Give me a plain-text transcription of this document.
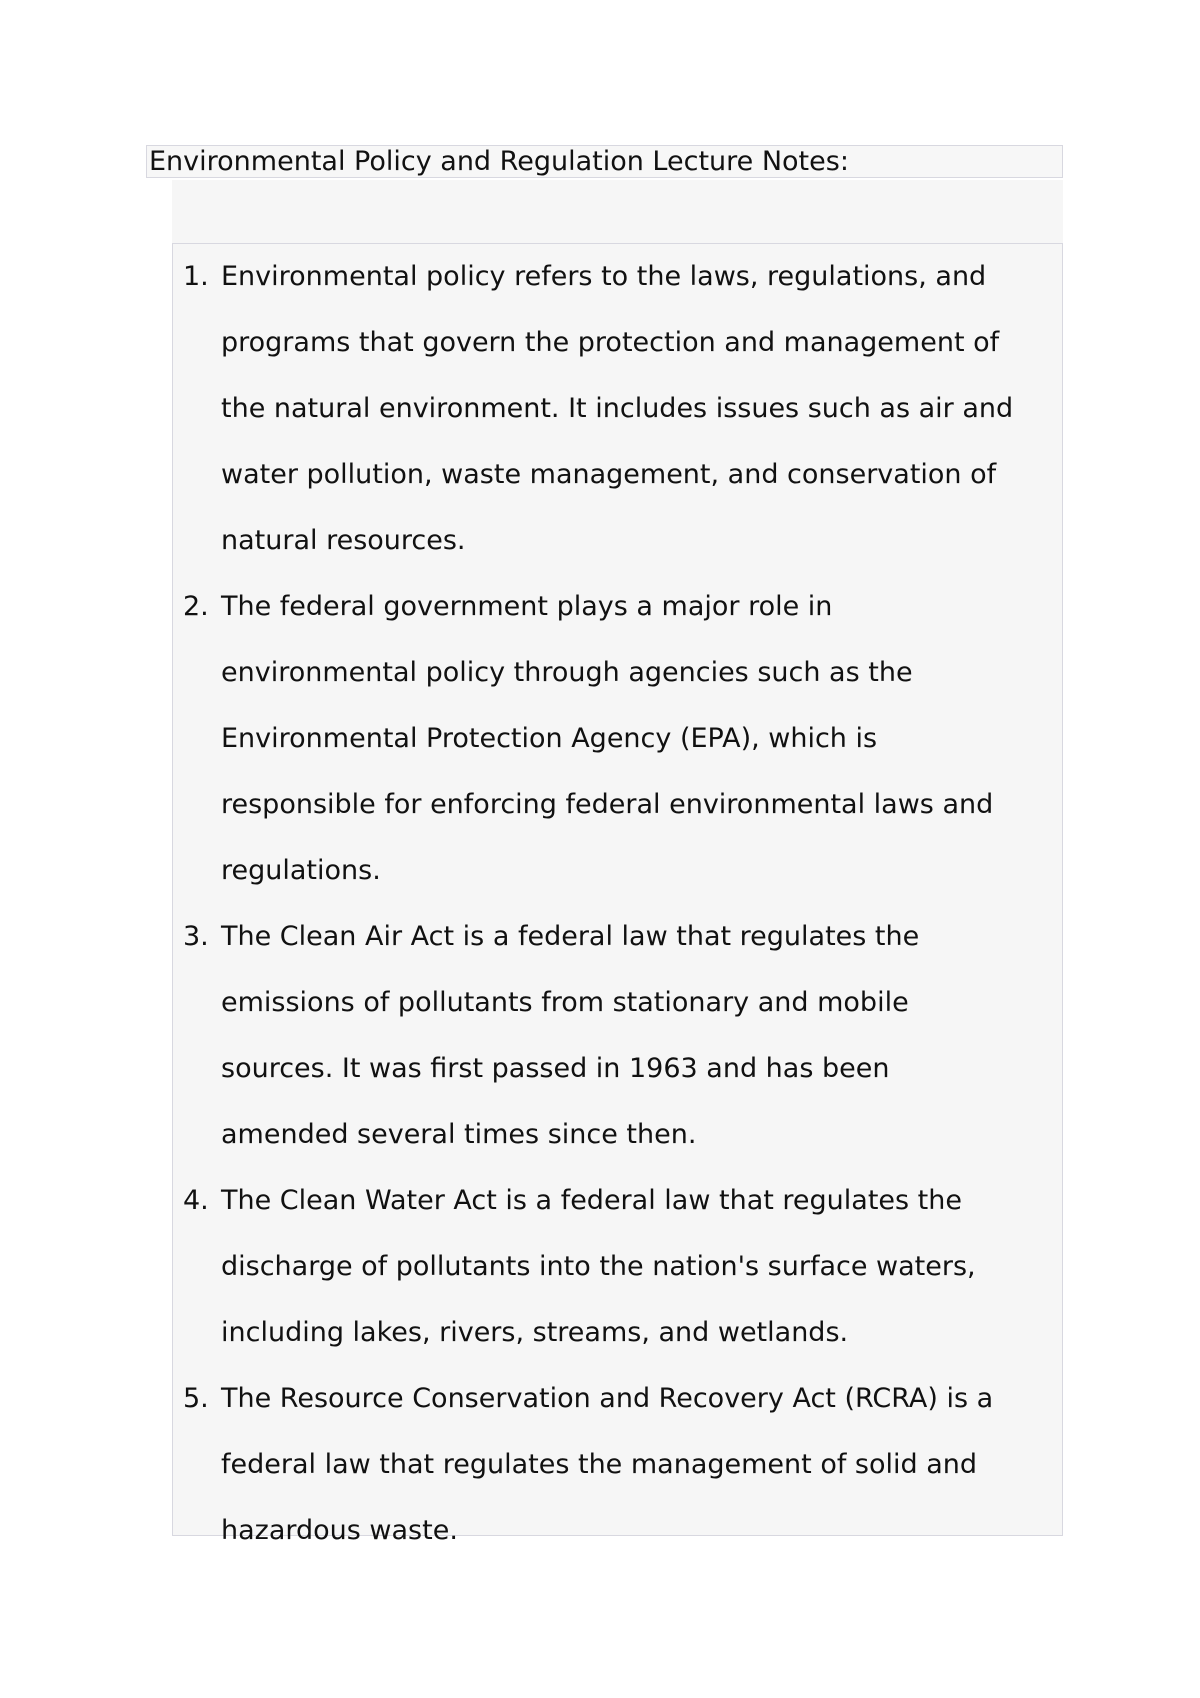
Environmental Policy and Regulation Lecture Notes:
1. Environmental policy refers to the laws, regulations, and
programs that govern the protection and management of
the natural environment. It includes issues such as air and
water pollution, waste management, and conservation of
natural resources.
2. The federal government plays a major role in
environmental policy through agencies such as the
Environmental Protection Agency (EPA), which is
responsible for enforcing federal environmental laws and
regulations.
3. The Clean Air Act is a federal law that regulates the
emissions of pollutants from stationary and mobile
sources. It was first passed in 1963 and has been
amended several times since then.
4. The Clean Water Act is a federal law that regulates the
discharge of pollutants into the nation's surface waters,
including lakes, rivers, streams, and wetlands.
5. The Resource Conservation and Recovery Act (RCRA) is a
federal law that regulates the management of solid and
hazardous waste.
